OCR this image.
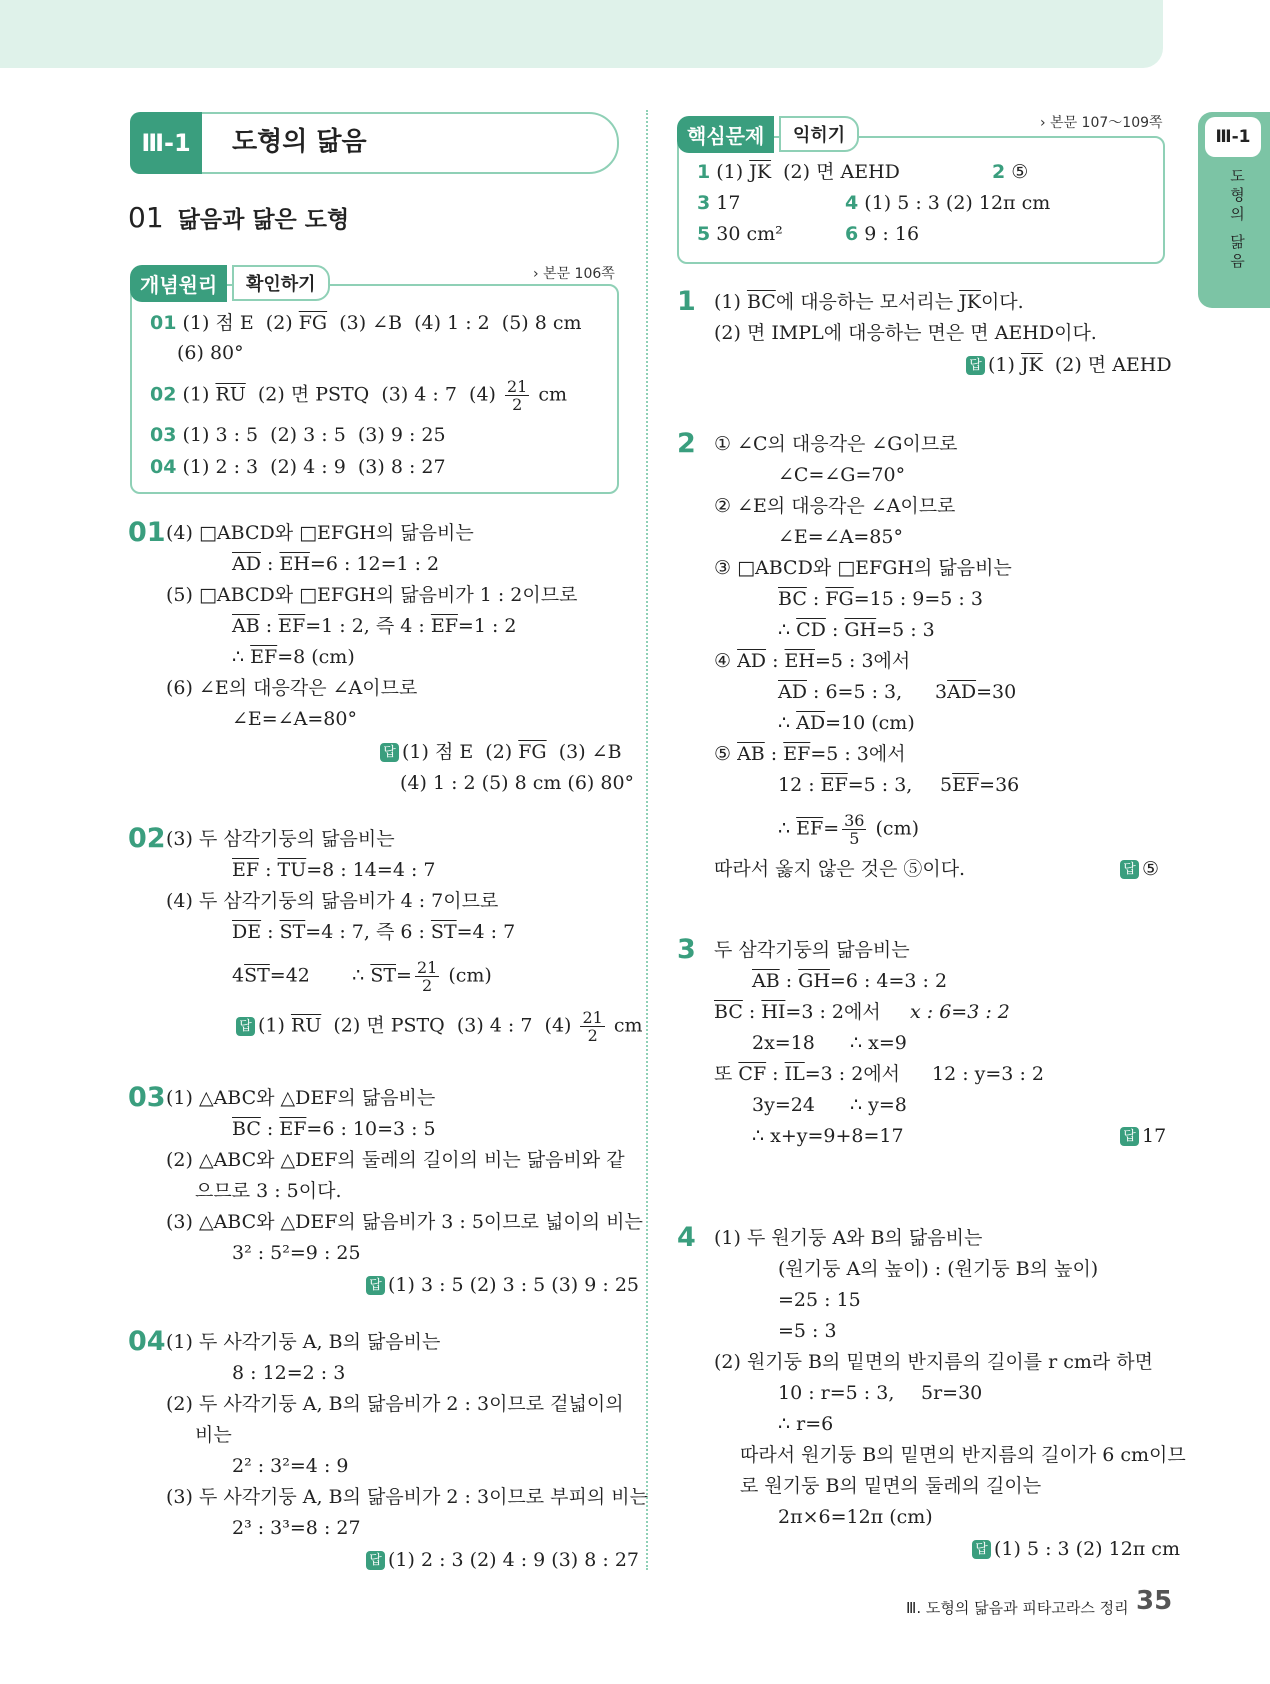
Ⅲ-1	도형의 닮음
01 닮음과 닮은 도형
개념원리	확인하기	› 본문 106쪽
01 (1) 점 E  (2) $\overline{FG}$  (3) ∠B  (4) 1 : 2  (5) 8 cm
(6) 80°
02 (1) $\overline{RU}$  (2) 면 PSTQ  (3) 4 : 7  $(4) \frac{21}{2}$ cm
03 (1) 3 : 5  (2) 3 : 5  (3) 9 : 25
04 (1) 2 : 3  (2) 4 : 9  (3) 8 : 27
01 (4) □ABCD와 □EFGH의 닮음비는
$\overline{AD}$ : $\overline{EH}=6$ : 12=1 : 2
(5) □ABCD와 □EFGH의 닮음비가 1 : 2이므로
$\overline{AB}$ : $\overline{EF}=1$ : 2, 즉 4 : $\overline{EF}=1$ : 2
∴ $\overline{EF}=8$ (cm)
(6) ∠E의 대응각은 ∠A이므로
∠E=∠A=80°
답 (1) 점 E  (2) $\overline{FG}$  (3) ∠B
(4) 1 : 2 (5) 8 cm (6) 80°
02 (3) 두 삼각기둥의 닮음비는
$\overline{EF}$ : $\overline{TU}=8$ : 14=4 : 7
(4) 두 삼각기둥의 닮음비가 4 : 7이므로
$\overline{DE}$ : $\overline{ST}=4$ : 7, 즉 6 : $\overline{ST}=4$ : 7
$4\overline{ST}=42$       ∴ $\overline{ST}= \frac{21}{2} (cm)$
답 (1) $\overline{RU}$  (2) 면 PSTQ  (3) 4 : 7  $(4) \frac{21}{2}$ cm
03 (1) △ABC와 △DEF의 닮음비는
$\overline{BC}$ : $\overline{EF}=6$ : 10=3 : 5
(2) △ABC와 △DEF의 둘레의 길이의 비는 닮음비와 같
으므로 3 : 5이다.
(3) △ABC와 △DEF의 닮음비가 3 : 5이므로 넓이의 비는
3² : 5²=9 : 25
답 (1) 3 : 5 (2) 3 : 5 (3) 9 : 25
04 (1) 두 사각기둥 A, B의 닮음비는
8 : 12=2 : 3
(2) 두 사각기둥 A, B의 닮음비가 2 : 3이므로 겉넓이의
비는
2² : 3²=4 : 9
(3) 두 사각기둥 A, B의 닮음비가 2 : 3이므로 부피의 비는
2³ : 3³=8 : 27
답 (1) 2 : 3 (2) 4 : 9 (3) 8 : 27
핵심문제	익히기
› 본문 107～109쪽
1 (1) $\overline{JK}$  (2) 면 AEHD	2 ⑤
3 17	4 (1) 5 : 3 (2) 12π cm
5 30 cm²	6 9 : 16
1 (1) $\overline{BC}$에 대응하는 모서리는 $\overline{JK}$이다.
(2) 면 IMPL에 대응하는 면은 면 AEHD이다.
답 (1) $\overline{JK}$  (2) 면 AEHD
2 ① ∠C의 대응각은 ∠G이므로
∠C=∠G=70°
② ∠E의 대응각은 ∠A이므로
∠E=∠A=85°
③ □ABCD와 □EFGH의 닮음비는
$\overline{BC}$ : $\overline{FG}=15$ : 9=5 : 3
∴ $\overline{CD}$ : $\overline{GH}=5$ : 3
④ $\overline{AD}$ : $\overline{EH}=5$ : 3에서
$\overline{AD}$ : 6=5 : 3, $3\overline{AD}=30$
∴ $\overline{AD}=10$ (cm)
⑤ $\overline{AB}$ : $\overline{EF}=5$ : 3에서
12 : $\overline{EF}=5$ : 3, $5\overline{EF}=36$
∴ $\overline{EF}= \frac{36}{5} (cm)$
따라서 옳지 않은 것은 ⑤이다.	답 ⑤
3 두 삼각기둥의 닮음비는
$\overline{AB}$ : $\overline{GH}=6$ : 4=3 : 2
$\overline{BC}$ : $\overline{HI}=3$ : 2에서 x : 6=3 : 2
2x=18 ∴ x=9
또 $\overline{CF}$ : $\overline{IL}=3$ : 2에서 12 : y=3 : 2
3y=24 ∴ y=8
∴ x+y=9+8=17	답 17
4 (1) 두 원기둥 A와 B의 닮음비는
(원기둥 A의 높이) : (원기둥 B의 높이)
=25 : 15
=5 : 3
(2) 원기둥 B의 밑면의 반지름의 길이를 r cm라 하면
10 : r=5 : 3, 5r=30
∴ r=6
따라서 원기둥 B의 밑면의 반지름의 길이가 6 cm이므
로 원기둥 B의 밑면의 둘레의 길이는
2π×6=12π (cm)
답 (1) 5 : 3 (2) 12π cm
Ⅲ-1
도형의 닮음
Ⅲ. 도형의 닮음과 피타고라스 정리 35
